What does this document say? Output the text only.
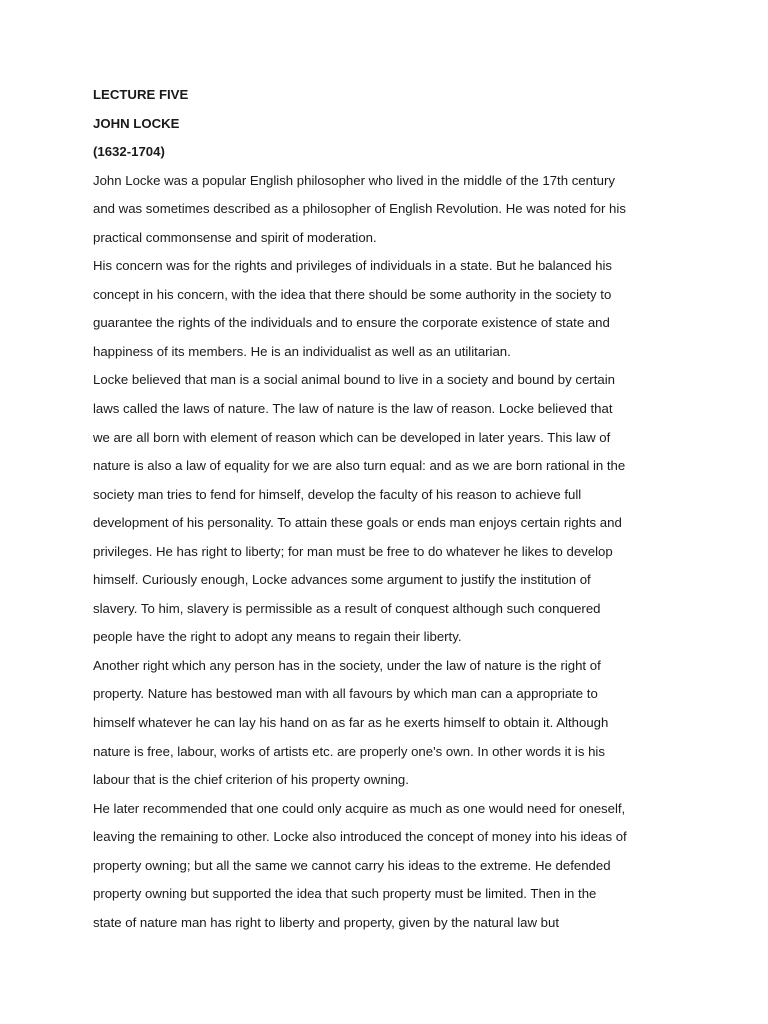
LECTURE FIVE
JOHN LOCKE
(1632-1704)
John Locke was a popular English philosopher who lived in the middle of the 17th century
and was sometimes described as a philosopher of English Revolution. He was noted for his
practical commonsense and spirit of moderation.
His concern was for the rights and privileges of individuals in a state. But he balanced his
concept in his concern, with the idea that there should be some authority in the society to
guarantee the rights of the individuals and to ensure the corporate existence of state and
happiness of its members. He is an individualist as well as an utilitarian.
Locke believed that man is a social animal bound to live in a society and bound by certain
laws called the laws of nature. The law of nature is the law of reason. Locke believed that
we are all born with element of reason which can be developed in later years. This law of
nature is also a law of equality for we are also turn equal: and as we are born rational in the
society man tries to fend for himself, develop the faculty of his reason to achieve full
development of his personality. To attain these goals or ends man enjoys certain rights and
privileges. He has right to liberty; for man must be free to do whatever he likes to develop
himself. Curiously enough, Locke advances some argument to justify the institution of
slavery. To him, slavery is permissible as a result of conquest although such conquered
people have the right to adopt any means to regain their liberty.
Another right which any person has in the society, under the law of nature is the right of
property. Nature has bestowed man with all favours by which man can a appropriate to
himself whatever he can lay his hand on as far as he exerts himself to obtain it. Although
nature is free, labour, works of artists etc. are properly one's own. In other words it is his
labour that is the chief criterion of his property owning.
He later recommended that one could only acquire as much as one would need for oneself,
leaving the remaining to other. Locke also introduced the concept of money into his ideas of
property owning; but all the same we cannot carry his ideas to the extreme. He defended
property owning but supported the idea that such property must be limited. Then in the
state of nature man has right to liberty and property, given by the natural law but
